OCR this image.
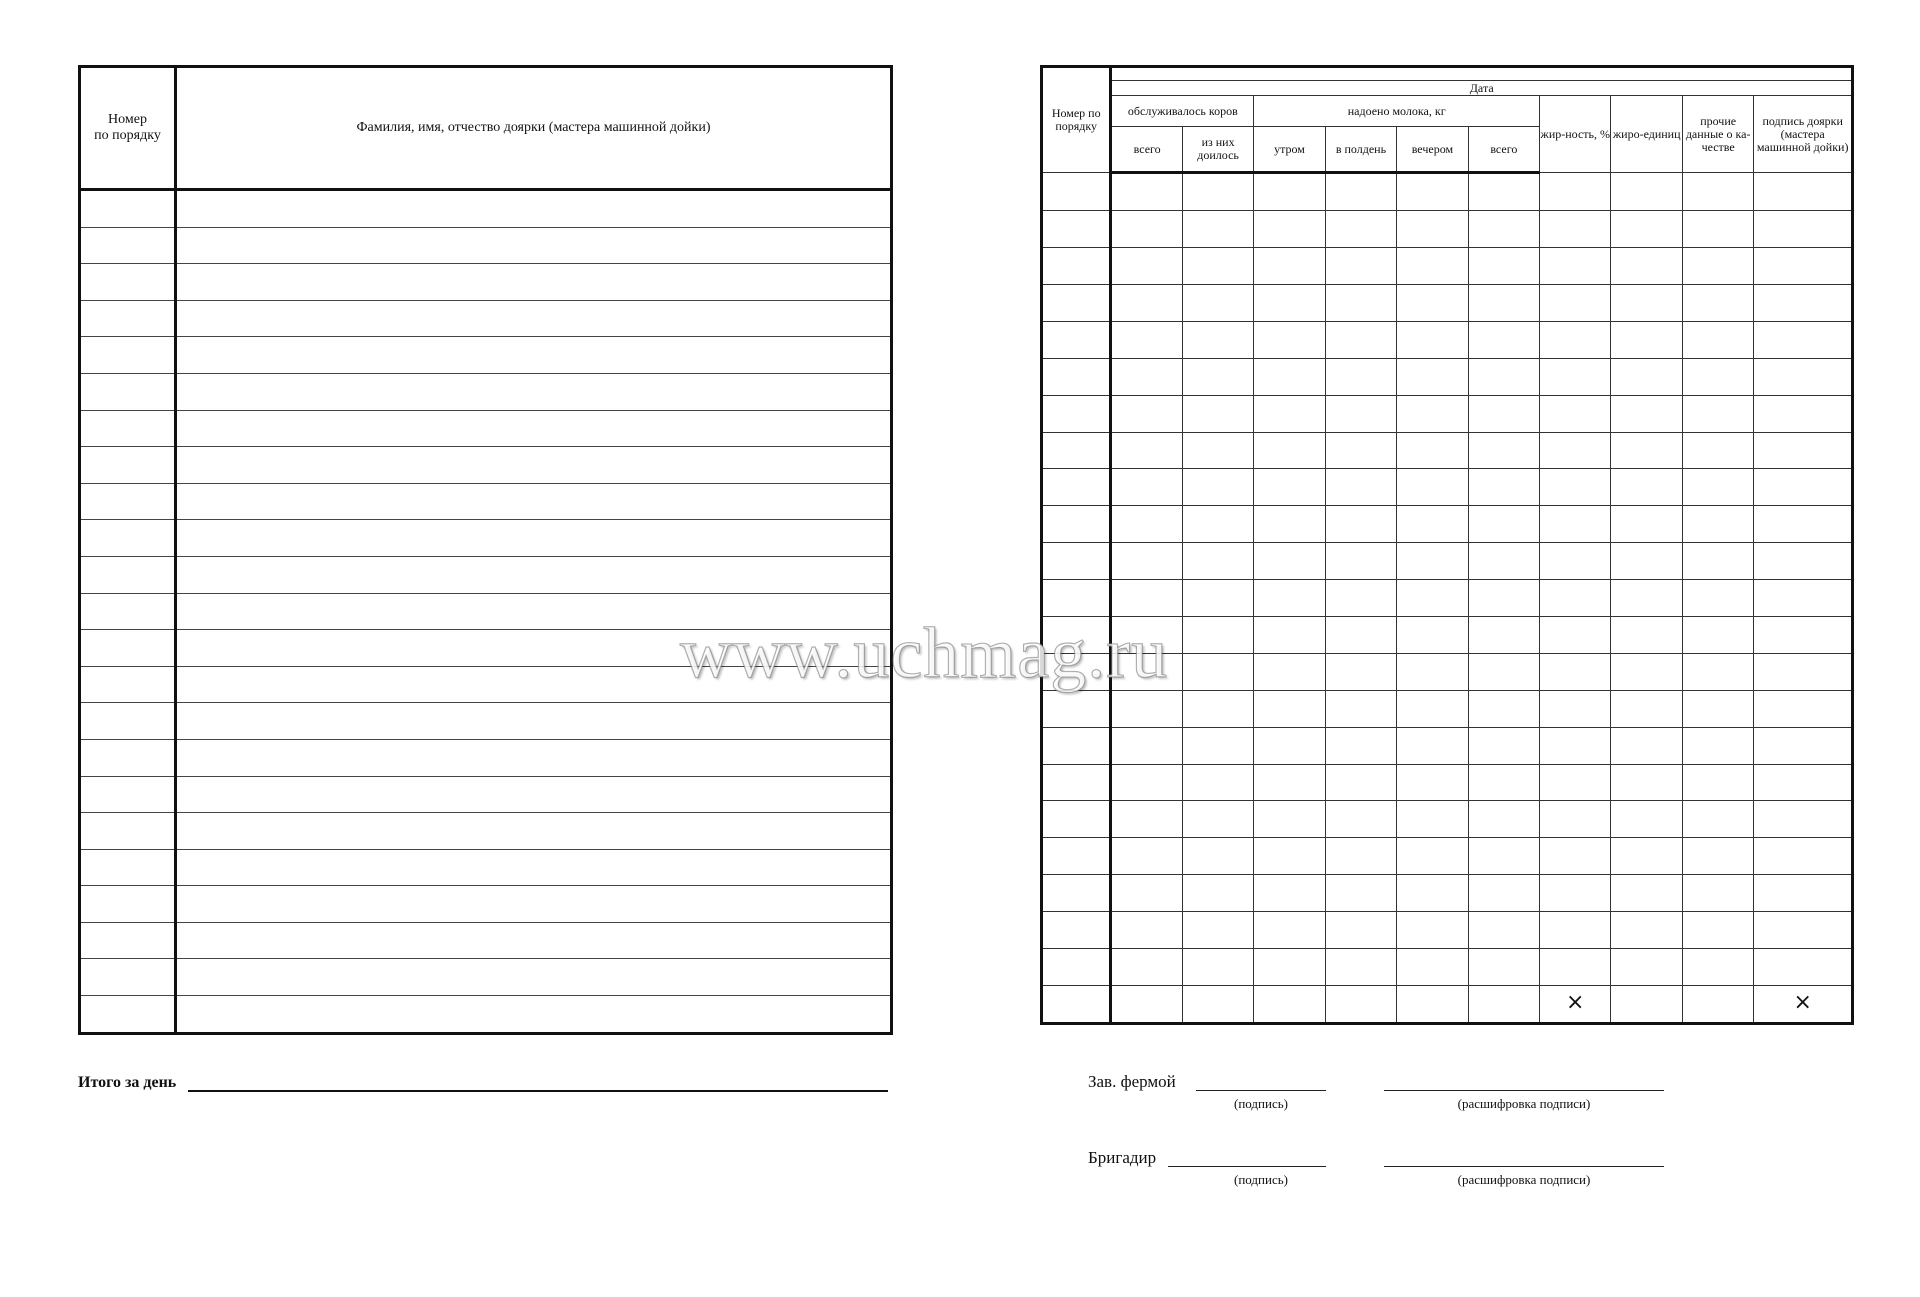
Номер
по порядку	Фамилия, имя, отчество доярки (мастера машинной дойки)

Итого за день
Номер по порядку										
	Дата									
	обслуживалось коров		надоено молока, кг				жир-ность, %	жиро-единиц	прочие данные о ка-честве	подпись доярки (мастера машинной дойки)
	всего	из них доилось	утром	в полдень	вечером	всего				

							×			×
Зав. фермой
(подпись)	(расшифровка подписи)
Бригадир
(подпись)	(расшифровка подписи)
www.uchmag.ru
